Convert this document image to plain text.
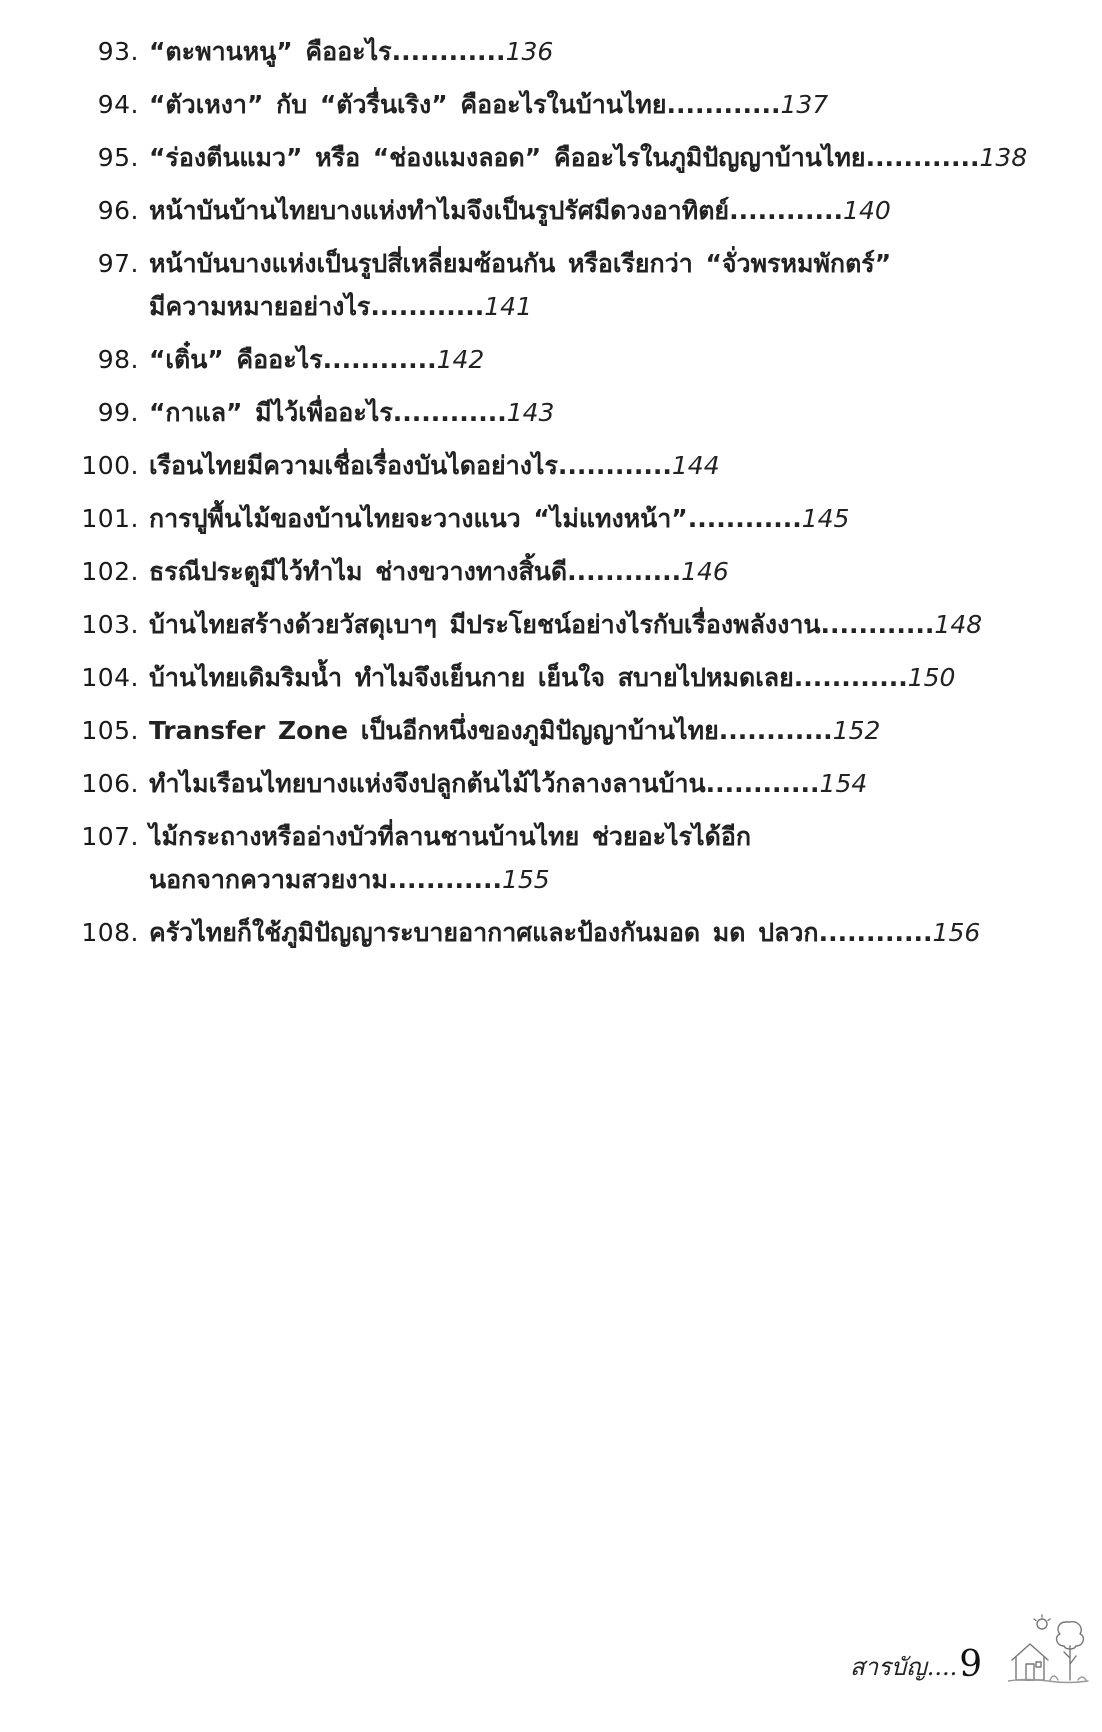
93. “ตะพานหนู” คืออะไร............136
94. “ตัวเหงา” กับ “ตัวรื่นเริง” คืออะไรในบ้านไทย............137
95. “ร่องตีนแมว” หรือ “ช่องแมงลอด” คืออะไรในภูมิปัญญาบ้านไทย............138
96. หน้าบันบ้านไทยบางแห่งทำไมจึงเป็นรูปรัศมีดวงอาทิตย์............140
97. หน้าบันบางแห่งเป็นรูปสี่เหลี่ยมซ้อนกัน หรือเรียกว่า “จั่วพรหมพักตร์”
มีความหมายอย่างไร............141
98. “เติ๋น” คืออะไร............142
99. “กาแล” มีไว้เพื่ออะไร............143
100. เรือนไทยมีความเชื่อเรื่องบันไดอย่างไร............144
101. การปูพื้นไม้ของบ้านไทยจะวางแนว “ไม่แทงหน้า”............145
102. ธรณีประตูมีไว้ทำไม ช่างขวางทางสิ้นดี............146
103. บ้านไทยสร้างด้วยวัสดุเบาๆ มีประโยชน์อย่างไรกับเรื่องพลังงาน............148
104. บ้านไทยเดิมริมน้ำ ทำไมจึงเย็นกาย เย็นใจ สบายไปหมดเลย............150
105. Transfer Zone เป็นอีกหนึ่งของภูมิปัญญาบ้านไทย............152
106. ทำไมเรือนไทยบางแห่งจึงปลูกต้นไม้ไว้กลางลานบ้าน............154
107. ไม้กระถางหรืออ่างบัวที่ลานชานบ้านไทย ช่วยอะไรได้อีก
นอกจากความสวยงาม............155
108. ครัวไทยก็ใช้ภูมิปัญญาระบายอากาศและป้องกันมอด มด ปลวก............156
สารบัญ.... 9
